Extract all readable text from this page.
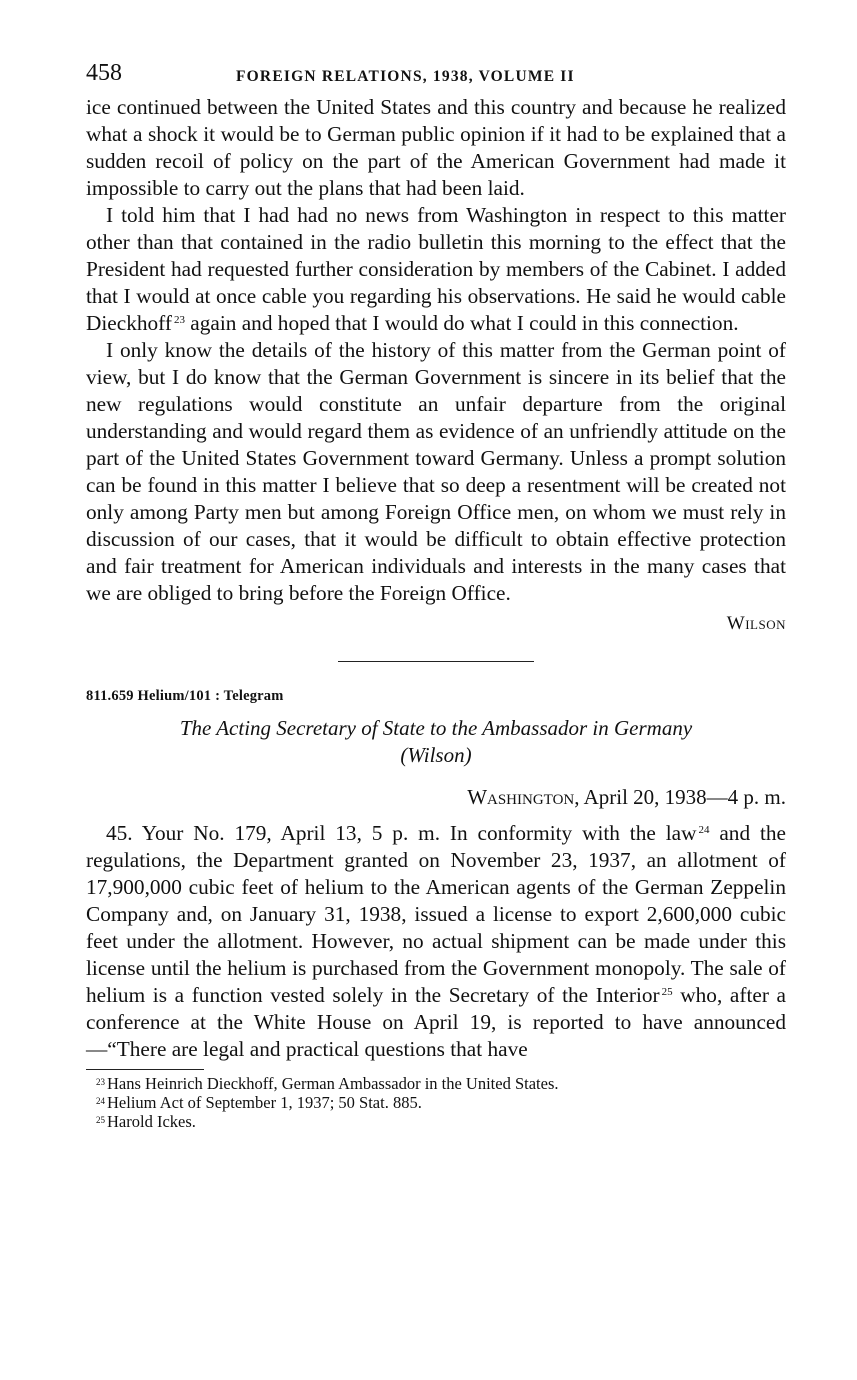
458	FOREIGN RELATIONS, 1938, VOLUME II

ice continued between the United States and this country and because he realized what a shock it would be to German public opinion if it had to be explained that a sudden recoil of policy on the part of the American Government had made it impossible to carry out the plans that had been laid.

I told him that I had had no news from Washington in respect to this matter other than that contained in the radio bulletin this morning to the effect that the President had requested further consideration by members of the Cabinet. I added that I would at once cable you regarding his observations. He said he would cable Dieckhoff $^{23}$ again and hoped that I would do what I could in this connection.

I only know the details of the history of this matter from the German point of view, but I do know that the German Government is sincere in its belief that the new regulations would constitute an unfair departure from the original understanding and would regard them as evidence of an unfriendly attitude on the part of the United States Government toward Germany. Unless a prompt solution can be found in this matter I believe that so deep a resentment will be created not only among Party men but among Foreign Office men, on whom we must rely in discussion of our cases, that it would be difficult to obtain effective protection and fair treatment for American individuals and interests in the many cases that we are obliged to bring before the Foreign Office.

Wilson
811.659 Helium/101 : Telegram
The Acting Secretary of State to the Ambassador in Germany
(Wilson)
Washington, April 20, 1938—4 p. m.

45. Your No. 179, April 13, 5 p. m. In conformity with the law $^{24}$ and the regulations, the Department granted on November 23, 1937, an allotment of 17,900,000 cubic feet of helium to the American agents of the German Zeppelin Company and, on January 31, 1938, issued a license to export 2,600,000 cubic feet under the allotment. However, no actual shipment can be made under this license until the helium is purchased from the Government monopoly. The sale of helium is a function vested solely in the Secretary of the Interior $^{25}$ who, after a conference at the White House on April 19, is reported to have announced—“There are legal and practical questions that have

$^{23}$ Hans Heinrich Dieckhoff, German Ambassador in the United States.
$^{24}$ Helium Act of September 1, 1937; 50 Stat. 885.
$^{25}$ Harold Ickes.
